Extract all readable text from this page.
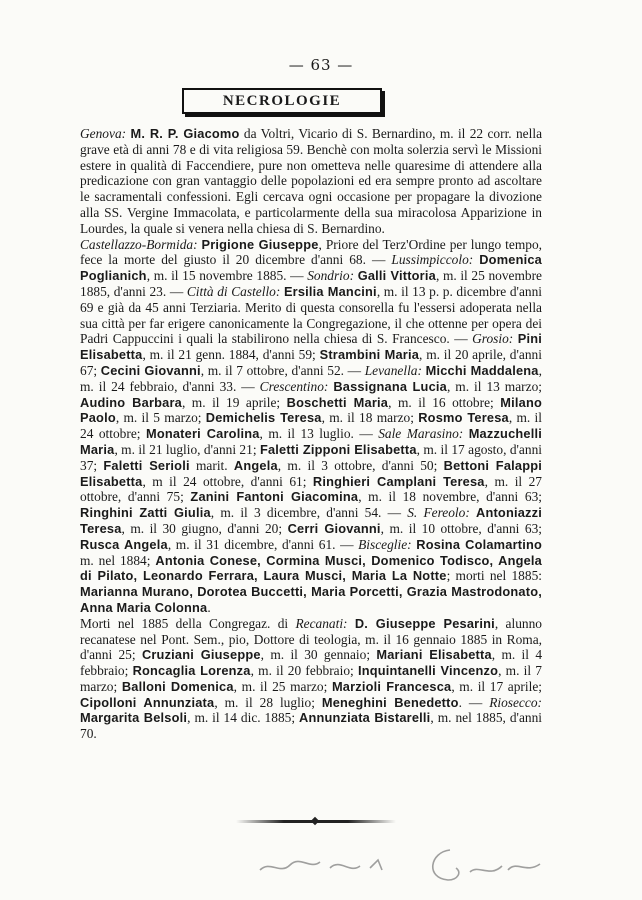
— 63 —
NECROLOGIE

Genova: M. R. P. Giacomo da Voltri, Vicario di S. Bernardino, m. il 22 corr. nella grave età di anni 78 e di vita religiosa 59. Benchè con molta solerzia servì le Missioni estere in qualità di Faccendiere, pure non ometteva nelle quaresime di attendere alla predicazione con gran vantaggio delle popolazioni ed era sempre pronto ad ascoltare le sacramentali confessioni. Egli cercava ogni occasione per propagare la divozione alla SS. Vergine Immacolata, e particolarmente della sua miracolosa Apparizione in Lourdes, la quale si venera nella chiesa di S. Bernardino.

Castellazzo-Bormida: Prigione Giuseppe, Priore del Terz'Ordine per lungo tempo, fece la morte del giusto il 20 dicembre d'anni 68. — Lussimpiccolo: Domenica Poglianich, m. il 15 novembre 1885. — Sondrio: Galli Vittoria, m. il 25 novembre 1885, d'anni 23. — Città di Castello: Ersilia Mancini, m. il 13 p. p. dicembre d'anni 69 e già da 45 anni Terziaria. Merito di questa consorella fu l'essersi adoperata nella sua città per far erigere canonicamente la Congregazione, il che ottenne per opera dei Padri Cappuccini i quali la stabilirono nella chiesa di S. Francesco. — Grosio: Pini Elisabetta, m. il 21 genn. 1884, d'anni 59; Strambini Maria, m. il 20 aprile, d'anni 67; Cecini Giovanni, m. il 7 ottobre, d'anni 52. — Levanella: Micchi Maddalena, m. il 24 febbraio, d'anni 33. — Crescentino: Bassignana Lucia, m. il 13 marzo; Audino Barbara, m. il 19 aprile; Boschetti Maria, m. il 16 ottobre; Milano Paolo, m. il 5 marzo; Demichelis Teresa, m. il 18 marzo; Rosmo Teresa, m. il 24 ottobre; Monateri Carolina, m. il 13 luglio. — Sale Marasino: Mazzuchelli Maria, m. il 21 luglio, d'anni 21; Faletti Zipponi Elisabetta, m. il 17 agosto, d'anni 37; Faletti Serioli marit. Angela, m. il 3 ottobre, d'anni 50; Bettoni Falappi Elisabetta, m il 24 ottobre, d'anni 61; Ringhieri Camplani Teresa, m. il 27 ottobre, d'anni 75; Zanini Fantoni Giacomina, m. il 18 novembre, d'anni 63; Ringhini Zatti Giulia, m. il 3 dicembre, d'anni 54. — S. Fereolo: Antoniazzi Teresa, m. il 30 giugno, d'anni 20; Cerri Giovanni, m. il 10 ottobre, d'anni 63; Rusca Angela, m. il 31 dicembre, d'anni 61. — Bisceglie: Rosina Colamartino m. nel 1884; Antonia Conese, Cormina Musci, Domenico Todisco, Angela di Pilato, Leonardo Ferrara, Laura Musci, Maria La Notte; morti nel 1885: Marianna Murano, Dorotea Buccetti, Maria Porcetti, Grazia Mastrodonato, Anna Maria Colonna.

Morti nel 1885 della Congregaz. di Recanati: D. Giuseppe Pesarini, alunno recanatese nel Pont. Sem., pio, Dottore di teologia, m. il 16 gennaio 1885 in Roma, d'anni 25; Cruziani Giuseppe, m. il 30 gennaio; Mariani Elisabetta, m. il 4 febbraio; Roncaglia Lorenza, m. il 20 febbraio; Inquintanelli Vincenzo, m. il 7 marzo; Balloni Domenica, m. il 25 marzo; Marzioli Francesca, m. il 17 aprile; Cipolloni Annunziata, m. il 28 luglio; Meneghini Benedetto. — Riosecco: Margarita Belsoli, m. il 14 dic. 1885; Annunziata Bistarelli, m. nel 1885, d'anni 70.
